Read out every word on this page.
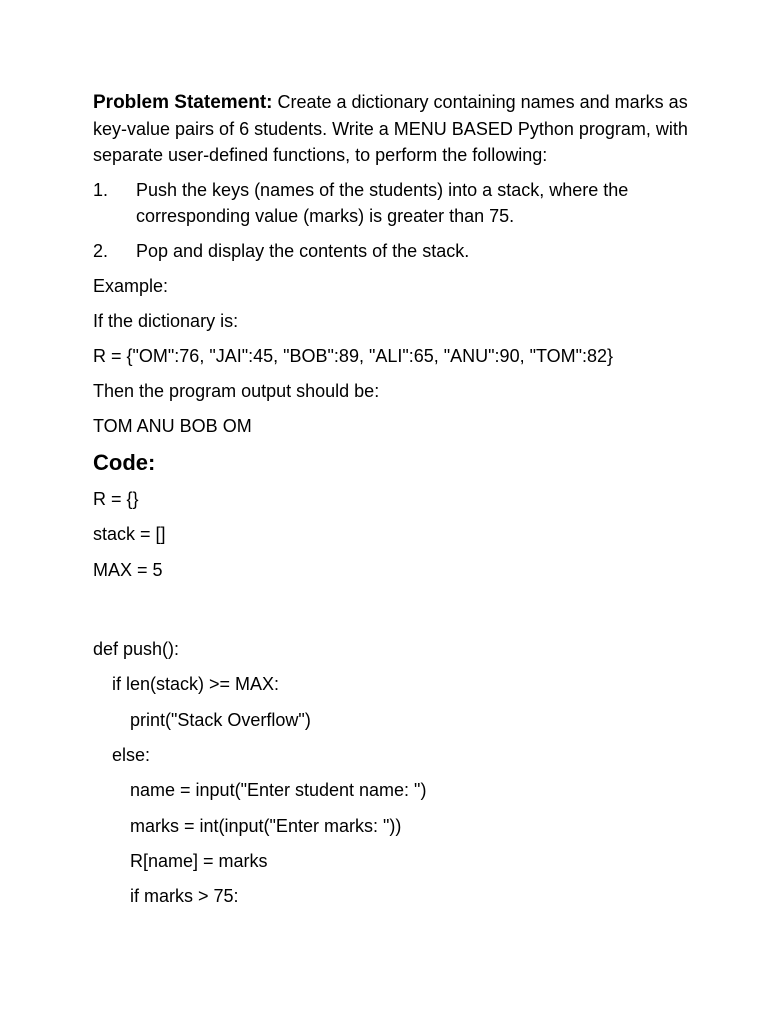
Problem Statement: Create a dictionary containing names and marks as key-value pairs of 6 students. Write a MENU BASED Python program, with separate user-defined functions, to perform the following:

1.	Push the keys (names of the students) into a stack, where the corresponding value (marks) is greater than 75.
2.	Pop and display the contents of the stack.

Example:

If the dictionary is:

R = {"OM":76, "JAI":45, "BOB":89, "ALI":65, "ANU":90, "TOM":82}

Then the program output should be:

TOM ANU BOB OM

Code:
R = {}
stack = []
MAX = 5
def push():
if len(stack) >= MAX:
print("Stack Overflow")
else:
name = input("Enter student name: ")
marks = int(input("Enter marks: "))
R[name] = marks
if marks > 75:
